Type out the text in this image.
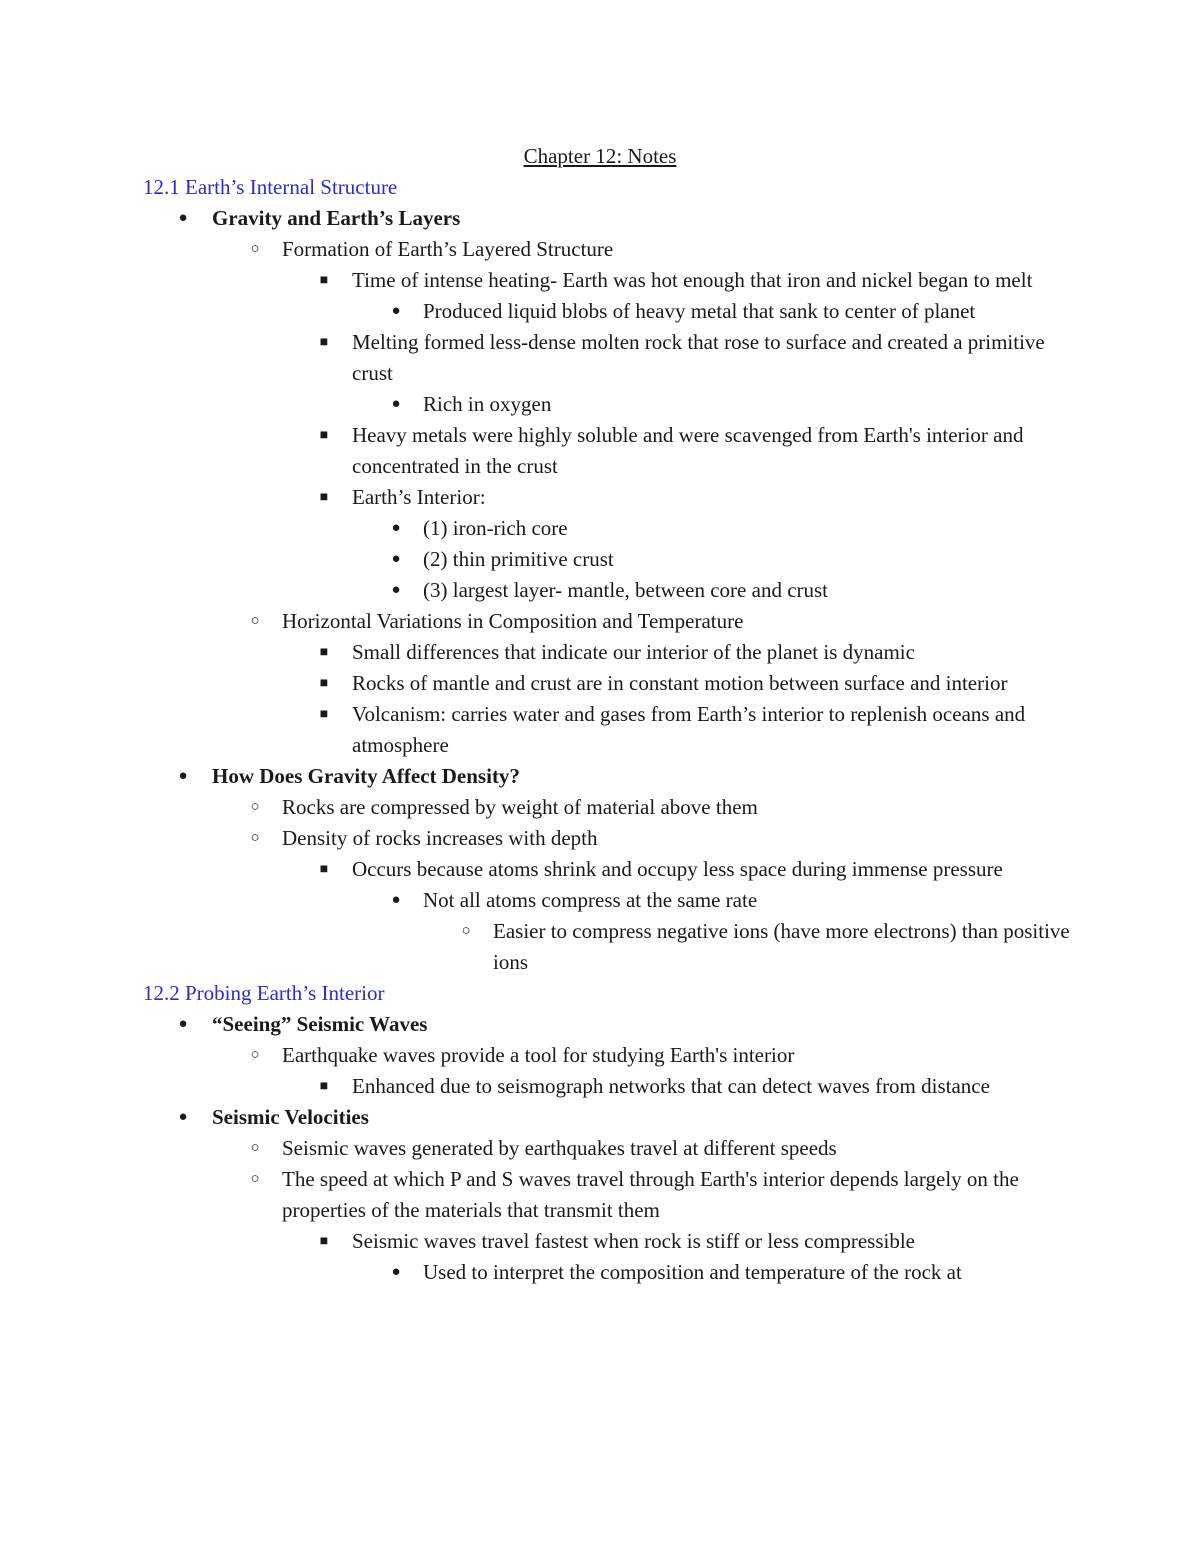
Chapter 12: Notes
12.1 Earth’s Internal Structure
● Gravity and Earth’s Layers
○ Formation of Earth’s Layered Structure
■ Time of intense heating- Earth was hot enough that iron and nickel began to melt
● Produced liquid blobs of heavy metal that sank to center of planet
■ Melting formed less-dense molten rock that rose to surface and created a primitive crust
● Rich in oxygen
■ Heavy metals were highly soluble and were scavenged from Earth's interior and concentrated in the crust
■ Earth’s Interior:
● (1) iron-rich core
● (2) thin primitive crust
● (3) largest layer- mantle, between core and crust
○ Horizontal Variations in Composition and Temperature
■ Small differences that indicate our interior of the planet is dynamic
■ Rocks of mantle and crust are in constant motion between surface and interior
■ Volcanism: carries water and gases from Earth’s interior to replenish oceans and atmosphere
● How Does Gravity Affect Density?
○ Rocks are compressed by weight of material above them
○ Density of rocks increases with depth
■ Occurs because atoms shrink and occupy less space during immense pressure
● Not all atoms compress at the same rate
○ Easier to compress negative ions (have more electrons) than positive ions
12.2 Probing Earth’s Interior
● “Seeing” Seismic Waves
○ Earthquake waves provide a tool for studying Earth's interior
■ Enhanced due to seismograph networks that can detect waves from distance
● Seismic Velocities
○ Seismic waves generated by earthquakes travel at different speeds
○ The speed at which P and S waves travel through Earth's interior depends largely on the properties of the materials that transmit them
■ Seismic waves travel fastest when rock is stiff or less compressible
● Used to interpret the composition and temperature of the rock at
